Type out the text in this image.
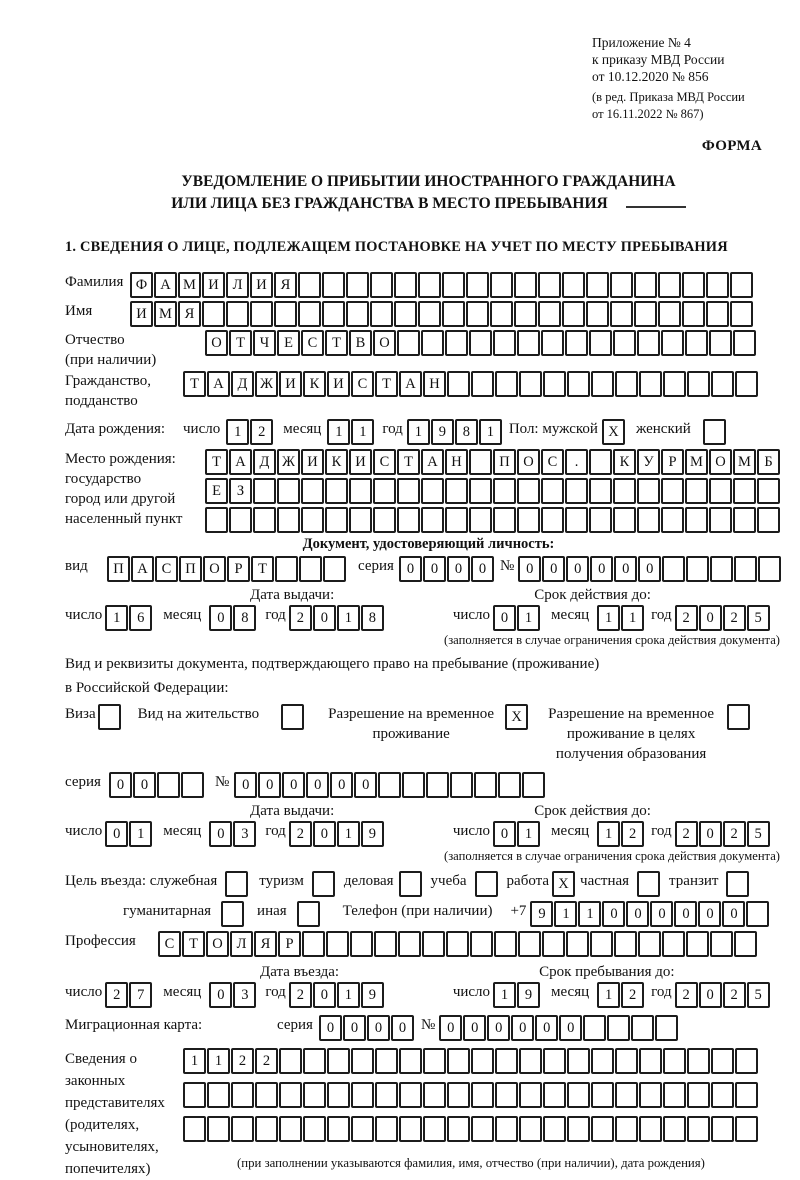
Приложение № 4
к приказу МВД России
от 10.12.2020 № 856
(в ред. Приказа МВД России
от 16.11.2022 № 867)
ФОРМА
УВЕДОМЛЕНИЕ О ПРИБЫТИИ ИНОСТРАННОГО ГРАЖДАНИНА
ИЛИ ЛИЦА БЕЗ ГРАЖДАНСТВА В МЕСТО ПРЕБЫВАНИЯ
1. СВЕДЕНИЯ О ЛИЦЕ, ПОДЛЕЖАЩЕМ ПОСТАНОВКЕ НА УЧЕТ ПО МЕСТУ ПРЕБЫВАНИЯ
Фамилия Ф А М И Л И Я
Имя	И М Я
Отчество
(при наличии)
О Т	Ч	Е	С	Т	В О
Гражданство,
подданство
Т А Д Ж И К И С	Т А Н
Дата рождения:	число 1	2	месяц 1	1	год 1	9	8	1 Пол: мужской X	женский
Место рождения:
государство
город или другой
населенный пункт
Т А Д Ж И К И С	Т А Н	П О С	.	К У	Р М О М Б
Е	З
Документ, удостоверяющий личность:
вид	П А С П О	Р	Т	серия 0	0	0	0 № 0	0	0	0	0	0
Дата выдачи:	Срок действия до:
число 1	6	месяц	0	8	год 2	0	1	8	число 0	1	месяц	1	1 год 2	0	2	5
(заполняется в случае ограничения срока действия документа)
Вид и реквизиты документа, подтверждающего право на пребывание (проживание)
в Российской Федерации:
Виза	Вид на жительство	Разрешение на временное
проживание
X	Разрешение на временное
проживание в целях
получения образования
серия	0	0	№ 0	0	0	0	0	0
Дата выдачи:	Срок действия до:
число 0	1	месяц	0	3	год 2	0	1	9	число 0	1	месяц	1	2 год 2	0	2	5
(заполняется в случае ограничения срока действия документа)
Цель въезда: служебная	туризм	деловая учеба	работа X частная	транзит
гуманитарная	иная	Телефон (при наличии) +7 9	1	1	0	0	0	0	0	0
Профессия	С	Т О Л Я	Р
Дата въезда:	Срок пребывания до:
число 2	7	месяц	0	3	год 2	0	1	9	число 1	9	месяц	1	2 год 2	0	2	5
Миграционная карта:	серия 0	0	0	0 № 0	0	0	0	0	0
Сведения о
законных
представителях
(родителях,
усыновителях,
попечителях)
1	1	2	2
(при заполнении указываются фамилия, имя, отчество (при наличии), дата рождения)
